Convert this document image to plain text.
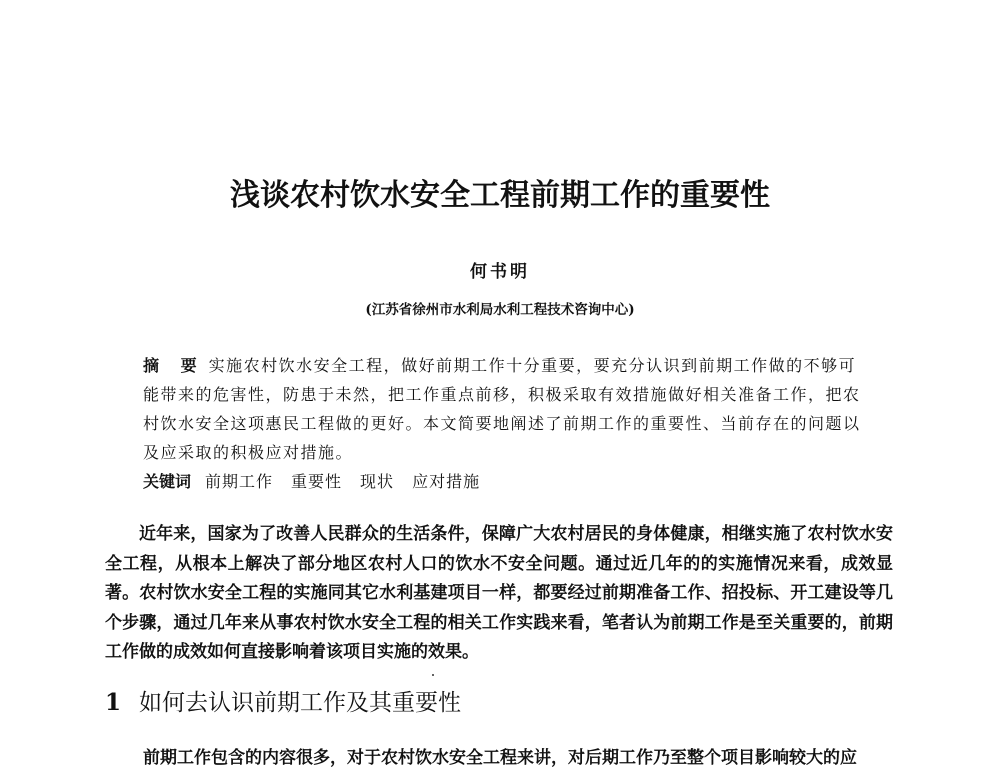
浅谈农村饮水安全工程前期工作的重要性
何书明
(江苏省徐州市水利局水利工程技术咨询中心)
摘 要 实施农村饮水安全工程，做好前期工作十分重要，要充分认识到前期工作做的不够可能带来的危害性，防患于未然，把工作重点前移，积极采取有效措施做好相关准备工作，把农村饮水安全这项惠民工程做的更好。本文简要地阐述了前期工作的重要性、当前存在的问题以及应采取的积极应对措施。
关键词 前期工作 重要性 现状 应对措施
近年来，国家为了改善人民群众的生活条件，保障广大农村居民的身体健康，相继实施了农村饮水安全工程，从根本上解决了部分地区农村人口的饮水不安全问题。通过近几年的的实施情况来看，成效显著。农村饮水安全工程的实施同其它水利基建项目一样，都要经过前期准备工作、招投标、开工建设等几个步骤，通过几年来从事农村饮水安全工程的相关工作实践来看，笔者认为前期工作是至关重要的，前期工作做的成效如何直接影响着该项目实施的效果。
1 如何去认识前期工作及其重要性
前期工作包含的内容很多，对于农村饮水安全工程来讲，对后期工作乃至整个项目影响较大的应
